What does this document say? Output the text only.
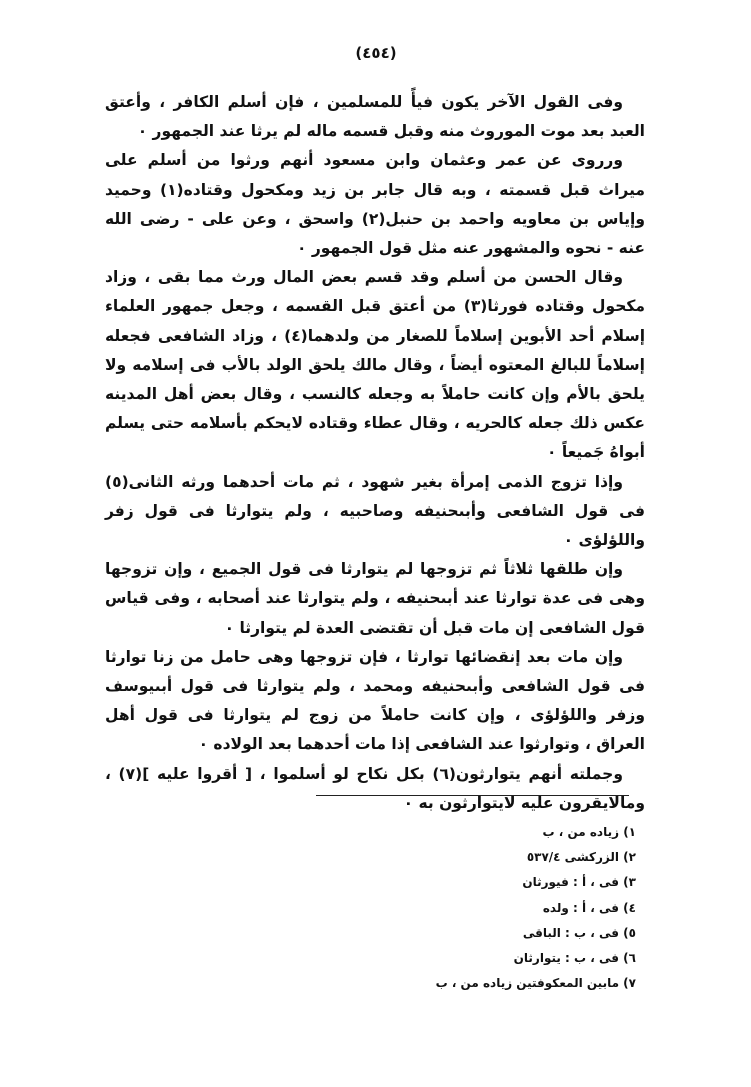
(٤٥٤)

وفى القول الآخر يكون فيأً للمسلمين ، فإن أسلم الكافر ، وأعتق العبد بعد موت الموروث منه وقبل قسمه ماله لم يرثا عند الجمهور ٠

ورروى عن عمر وعثمان وابن مسعود أنهم ورثوا من أسلم على ميراث قبل قسمته ، وبه قال جابر بن زيد ومكحول وقتاده(١) وحميد وإياس بن معاويه واحمد بن حنبل(٢) واسحق ، وعن على - رضى الله عنه - نحوه والمشهور عنه مثل قول الجمهور ٠

وقال الحسن من أسلم وقد قسم بعض المال ورث مما بقى ، وزاد مكحول وقتاده فورثا(٣) من أعتق قبل القسمه ، وجعل جمهور العلماء إسلام أحد الأبوين إسلاماً للصغار من ولدهما(٤) ، وزاد الشافعى فجعله إسلاماً للبالغ المعتوه أيضاً ، وقال مالك يلحق الولد بالأب فى إسلامه ولا يلحق بالأم وإن كانت حاملاً به وجعله كالنسب ، وقال بعض أهل المدينه عكس ذلك جعله كالحريه ، وقال عطاء وقتاده لايحكم بأسلامه حتى يسلم أبواهُ جَميعاً ٠

وإذا تزوج الذمى إمرأة بغير شهود ، ثم مات أحدهما ورثه الثانى(٥) فى قول الشافعى وأبىحنيفه وصاحبيه ، ولم يتوارثا فى قول زفر واللؤلؤى ٠

وإن طلقها ثلاثاً ثم تزوجها لم يتوارثا فى قول الجميع ، وإن تزوجها وهى فى عدة توارثا عند أبىحنيفه ، ولم يتوارثا عند أصحابه ، وفى قياس قول الشافعى إن مات قبل أن تقتضى العدة لم يتوارثا ٠

وإن مات بعد إنقضائها توارثا ، فإن تزوجها وهى حامل من زنا توارثا فى قول الشافعى وأبىحنيفه ومحمد ، ولم يتوارثا فى قول أبىيوسف وزفر واللؤلؤى ، وإن كانت حاملاً من زوج لم يتوارثا فى قول أهل العراق ، وتوارثوا عند الشافعى إذا مات أحدهما بعد الولاده ٠

وجملته أنهم يتوارثون(٦) بكل نكاح لو أسلموا ، [ أقروا عليه ](٧) ، ومالايقرون عليه لايتوارثون به ٠

١) زياده من ، ب
٢) الزركشى ٥٣٧/٤
٣) فى ، أ : فيورثان
٤) فى ، أ : ولده
٥) فى ، ب : الباقى
٦) فى ، ب : يتوارثان
٧) مابين المعكوفتين زياده من ، ب
